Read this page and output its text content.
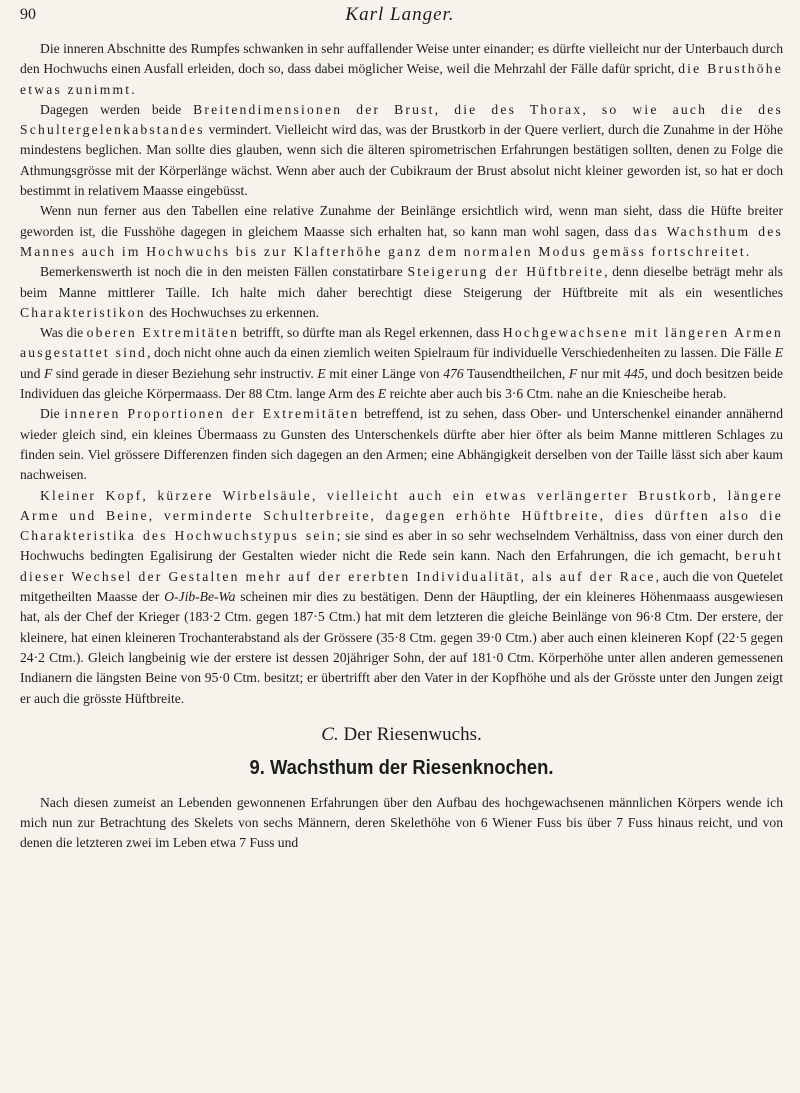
90	Karl Langer.

Die inneren Abschnitte des Rumpfes schwanken in sehr auffallender Weise unter einander; es dürfte vielleicht nur der Unterbauch durch den Hochwuchs einen Ausfall erleiden, doch so, dass dabei möglicher Weise, weil die Mehrzahl der Fälle dafür spricht, die Brusthöhe etwas zunimmt.

Dagegen werden beide Breitendimensionen der Brust, die des Thorax, so wie auch die des Schultergelenkabstandes vermindert. Vielleicht wird das, was der Brustkorb in der Quere verliert, durch die Zunahme in der Höhe mindestens beglichen. Man sollte dies glauben, wenn sich die älteren spirometrischen Erfahrungen bestätigen sollten, denen zu Folge die Athmungsgrösse mit der Körperlänge wächst. Wenn aber auch der Cubikraum der Brust absolut nicht kleiner geworden ist, so hat er doch bestimmt in relativem Maasse eingebüsst.

Wenn nun ferner aus den Tabellen eine relative Zunahme der Beinlänge ersichtlich wird, wenn man sieht, dass die Hüfte breiter geworden ist, die Fusshöhe dagegen in gleichem Maasse sich erhalten hat, so kann man wohl sagen, dass das Wachsthum des Mannes auch im Hochwuchs bis zur Klafterhöhe ganz dem normalen Modus gemäss fortschreitet.

Bemerkenswerth ist noch die in den meisten Fällen constatirbare Steigerung der Hüftbreite, denn dieselbe beträgt mehr als beim Manne mittlerer Taille. Ich halte mich daher berechtigt diese Steigerung der Hüftbreite mit als ein wesentliches Charakteristikon des Hochwuchses zu erkennen.

Was die oberen Extremitäten betrifft, so dürfte man als Regel erkennen, dass Hochgewachsene mit längeren Armen ausgestattet sind, doch nicht ohne auch da einen ziemlich weiten Spielraum für individuelle Verschiedenheiten zu lassen. Die Fälle E und F sind gerade in dieser Beziehung sehr instructiv. E mit einer Länge von 476 Tausendtheilchen, F nur mit 445, und doch besitzen beide Individuen das gleiche Körpermaass. Der 88 Ctm. lange Arm des E reichte aber auch bis 3·6 Ctm. nahe an die Kniescheibe herab.

Die inneren Proportionen der Extremitäten betreffend, ist zu sehen, dass Ober- und Unterschenkel einander annähernd wieder gleich sind, ein kleines Übermaass zu Gunsten des Unterschenkels dürfte aber hier öfter als beim Manne mittleren Schlages zu finden sein. Viel grössere Differenzen finden sich dagegen an den Armen; eine Abhängigkeit derselben von der Taille lässt sich aber kaum nachweisen.

Kleiner Kopf, kürzere Wirbelsäule, vielleicht auch ein etwas verlängerter Brustkorb, längere Arme und Beine, verminderte Schulterbreite, dagegen erhöhte Hüftbreite, dies dürften also die Charakteristika des Hochwuchstypus sein; sie sind es aber in so sehr wechselndem Verhältniss, dass von einer durch den Hochwuchs bedingten Egalisirung der Gestalten wieder nicht die Rede sein kann. Nach den Erfahrungen, die ich gemacht, beruht dieser Wechsel der Gestalten mehr auf der ererbten Individualität, als auf der Race, auch die von Quetelet mitgetheilten Maasse der O-Jib-Be-Wa scheinen mir dies zu bestätigen. Denn der Häuptling, der ein kleineres Höhenmaass ausgewiesen hat, als der Chef der Krieger (183·2 Ctm. gegen 187·5 Ctm.) hat mit dem letzteren die gleiche Beinlänge von 96·8 Ctm. Der erstere, der kleinere, hat einen kleineren Trochanterabstand als der Grössere (35·8 Ctm. gegen 39·0 Ctm.) aber auch einen kleineren Kopf (22·5 gegen 24·2 Ctm.). Gleich langbeinig wie der erstere ist dessen 20jähriger Sohn, der auf 181·0 Ctm. Körperhöhe unter allen anderen gemessenen Indianern die längsten Beine von 95·0 Ctm. besitzt; er übertrifft aber den Vater in der Kopfhöhe und als der Grösste unter den Jungen zeigt er auch die grösste Hüftbreite.

C. Der Riesenwuchs.
9. Wachsthum der Riesenknochen.

Nach diesen zumeist an Lebenden gewonnenen Erfahrungen über den Aufbau des hochgewachsenen männlichen Körpers wende ich mich nun zur Betrachtung des Skelets von sechs Männern, deren Skelethöhe von 6 Wiener Fuss bis über 7 Fuss hinaus reicht, und von denen die letzteren zwei im Leben etwa 7 Fuss und
